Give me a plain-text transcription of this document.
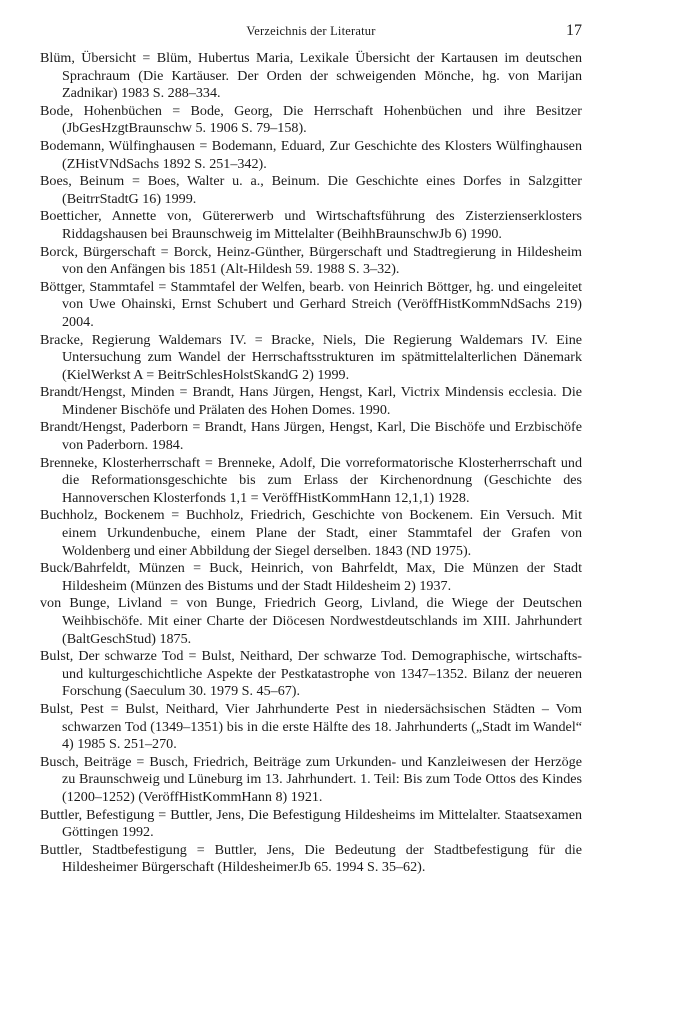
Verzeichnis der Literatur	17

Blüm, Übersicht = Blüm, Hubertus Maria, Lexikale Übersicht der Kartausen im deutschen Sprachraum (Die Kartäuser. Der Orden der schweigenden Mönche, hg. von Marijan Zadnikar) 1983 S. 288–334.

Bode, Hohenbüchen = Bode, Georg, Die Herrschaft Hohenbüchen und ihre Besitzer (JbGesHzgtBraunschw 5. 1906 S. 79–158).

Bodemann, Wülfinghausen = Bodemann, Eduard, Zur Geschichte des Klosters Wülfinghausen (ZHistVNdSachs 1892 S. 251–342).

Boes, Beinum = Boes, Walter u. a., Beinum. Die Geschichte eines Dorfes in Salzgitter (BeitrrStadtG 16) 1999.

Boetticher, Annette von, Gütererwerb und Wirtschaftsführung des Zisterzienserklosters Riddagshausen bei Braunschweig im Mittelalter (BeihhBraunschwJb 6) 1990.

Borck, Bürgerschaft = Borck, Heinz-Günther, Bürgerschaft und Stadtregierung in Hildesheim von den Anfängen bis 1851 (Alt-Hildesh 59. 1988 S. 3–32).

Böttger, Stammtafel = Stammtafel der Welfen, bearb. von Heinrich Böttger, hg. und eingeleitet von Uwe Ohainski, Ernst Schubert und Gerhard Streich (VeröffHistKommNdSachs 219) 2004.

Bracke, Regierung Waldemars IV. = Bracke, Niels, Die Regierung Waldemars IV. Eine Untersuchung zum Wandel der Herrschaftsstrukturen im spätmittelalterlichen Dänemark (KielWerkst A = BeitrSchlesHolstSkandG 2) 1999.

Brandt/Hengst, Minden = Brandt, Hans Jürgen, Hengst, Karl, Victrix Mindensis ecclesia. Die Mindener Bischöfe und Prälaten des Hohen Domes. 1990.

Brandt/Hengst, Paderborn = Brandt, Hans Jürgen, Hengst, Karl, Die Bischöfe und Erzbischöfe von Paderborn. 1984.

Brenneke, Klosterherrschaft = Brenneke, Adolf, Die vorreformatorische Klosterherrschaft und die Reformationsgeschichte bis zum Erlass der Kirchenordnung (Geschichte des Hannoverschen Klosterfonds 1,1 = VeröffHistKommHann 12,1,1) 1928.

Buchholz, Bockenem = Buchholz, Friedrich, Geschichte von Bockenem. Ein Versuch. Mit einem Urkundenbuche, einem Plane der Stadt, einer Stammtafel der Grafen von Woldenberg und einer Abbildung der Siegel derselben. 1843 (ND 1975).

Buck/Bahrfeldt, Münzen = Buck, Heinrich, von Bahrfeldt, Max, Die Münzen der Stadt Hildesheim (Münzen des Bistums und der Stadt Hildesheim 2) 1937.

von Bunge, Livland = von Bunge, Friedrich Georg, Livland, die Wiege der Deutschen Weihbischöfe. Mit einer Charte der Diöcesen Nordwestdeutschlands im XIII. Jahrhundert (BaltGeschStud) 1875.

Bulst, Der schwarze Tod = Bulst, Neithard, Der schwarze Tod. Demographische, wirtschafts- und kulturgeschichtliche Aspekte der Pestkatastrophe von 1347–1352. Bilanz der neueren Forschung (Saeculum 30. 1979 S. 45–67).

Bulst, Pest = Bulst, Neithard, Vier Jahrhunderte Pest in niedersächsischen Städten – Vom schwarzen Tod (1349–1351) bis in die erste Hälfte des 18. Jahrhunderts („Stadt im Wandel“ 4) 1985 S. 251–270.

Busch, Beiträge = Busch, Friedrich, Beiträge zum Urkunden- und Kanzleiwesen der Herzöge zu Braunschweig und Lüneburg im 13. Jahrhundert. 1. Teil: Bis zum Tode Ottos des Kindes (1200–1252) (VeröffHistKommHann 8) 1921.

Buttler, Befestigung = Buttler, Jens, Die Befestigung Hildesheims im Mittelalter. Staatsexamen Göttingen 1992.

Buttler, Stadtbefestigung = Buttler, Jens, Die Bedeutung der Stadtbefestigung für die Hildesheimer Bürgerschaft (HildesheimerJb 65. 1994 S. 35–62).
